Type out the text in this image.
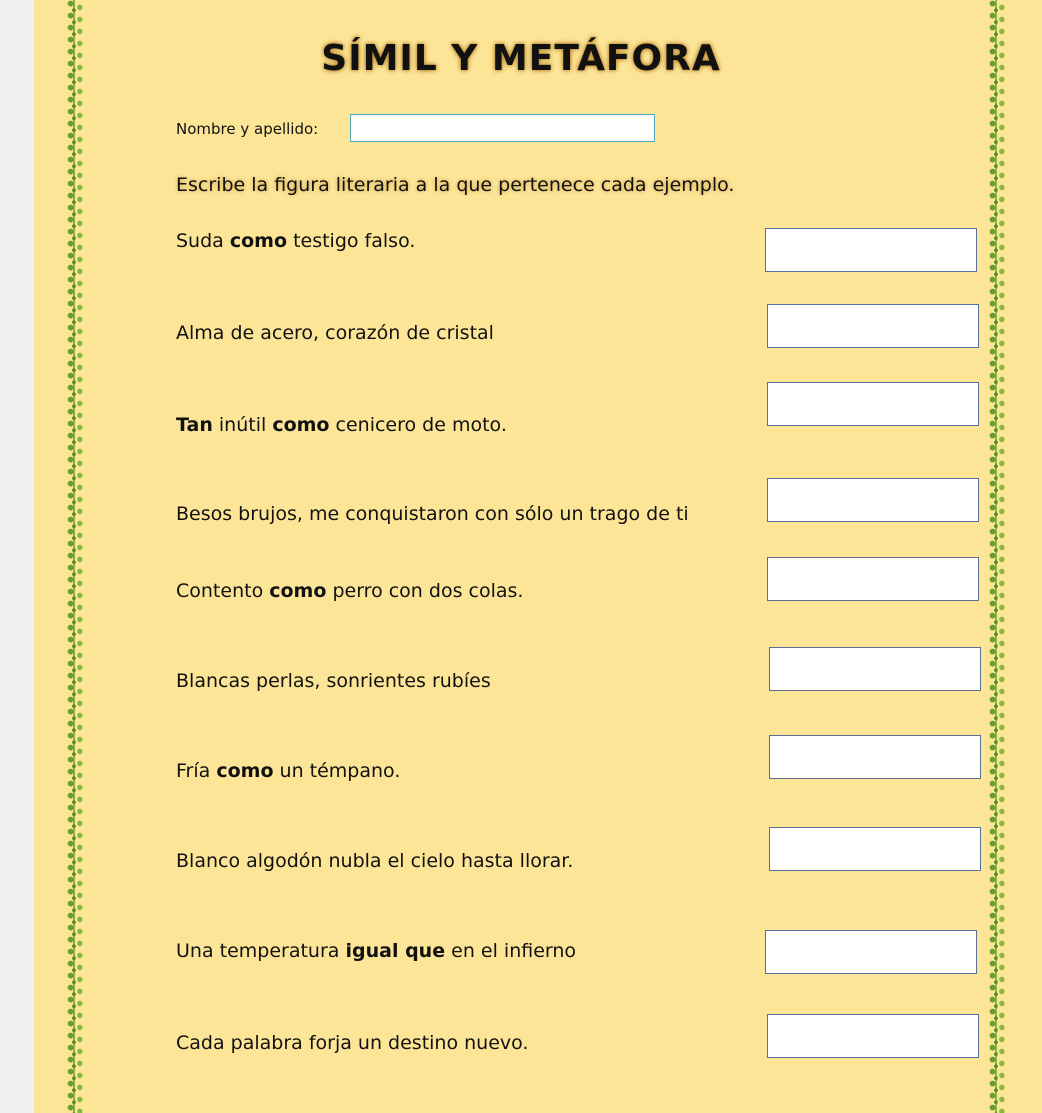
SÍMIL Y METÁFORA
Nombre y apellido:

Escribe la figura literaria a la que pertenece cada ejemplo.

Suda como testigo falso.
Alma de acero, corazón de cristal
Tan inútil como cenicero de moto.
Besos brujos, me conquistaron con sólo un trago de ti
Contento como perro con dos colas.
Blancas perlas, sonrientes rubíes
Fría como un témpano.
Blanco algodón nubla el cielo hasta llorar.
Una temperatura igual que en el infierno
Cada palabra forja un destino nuevo.
